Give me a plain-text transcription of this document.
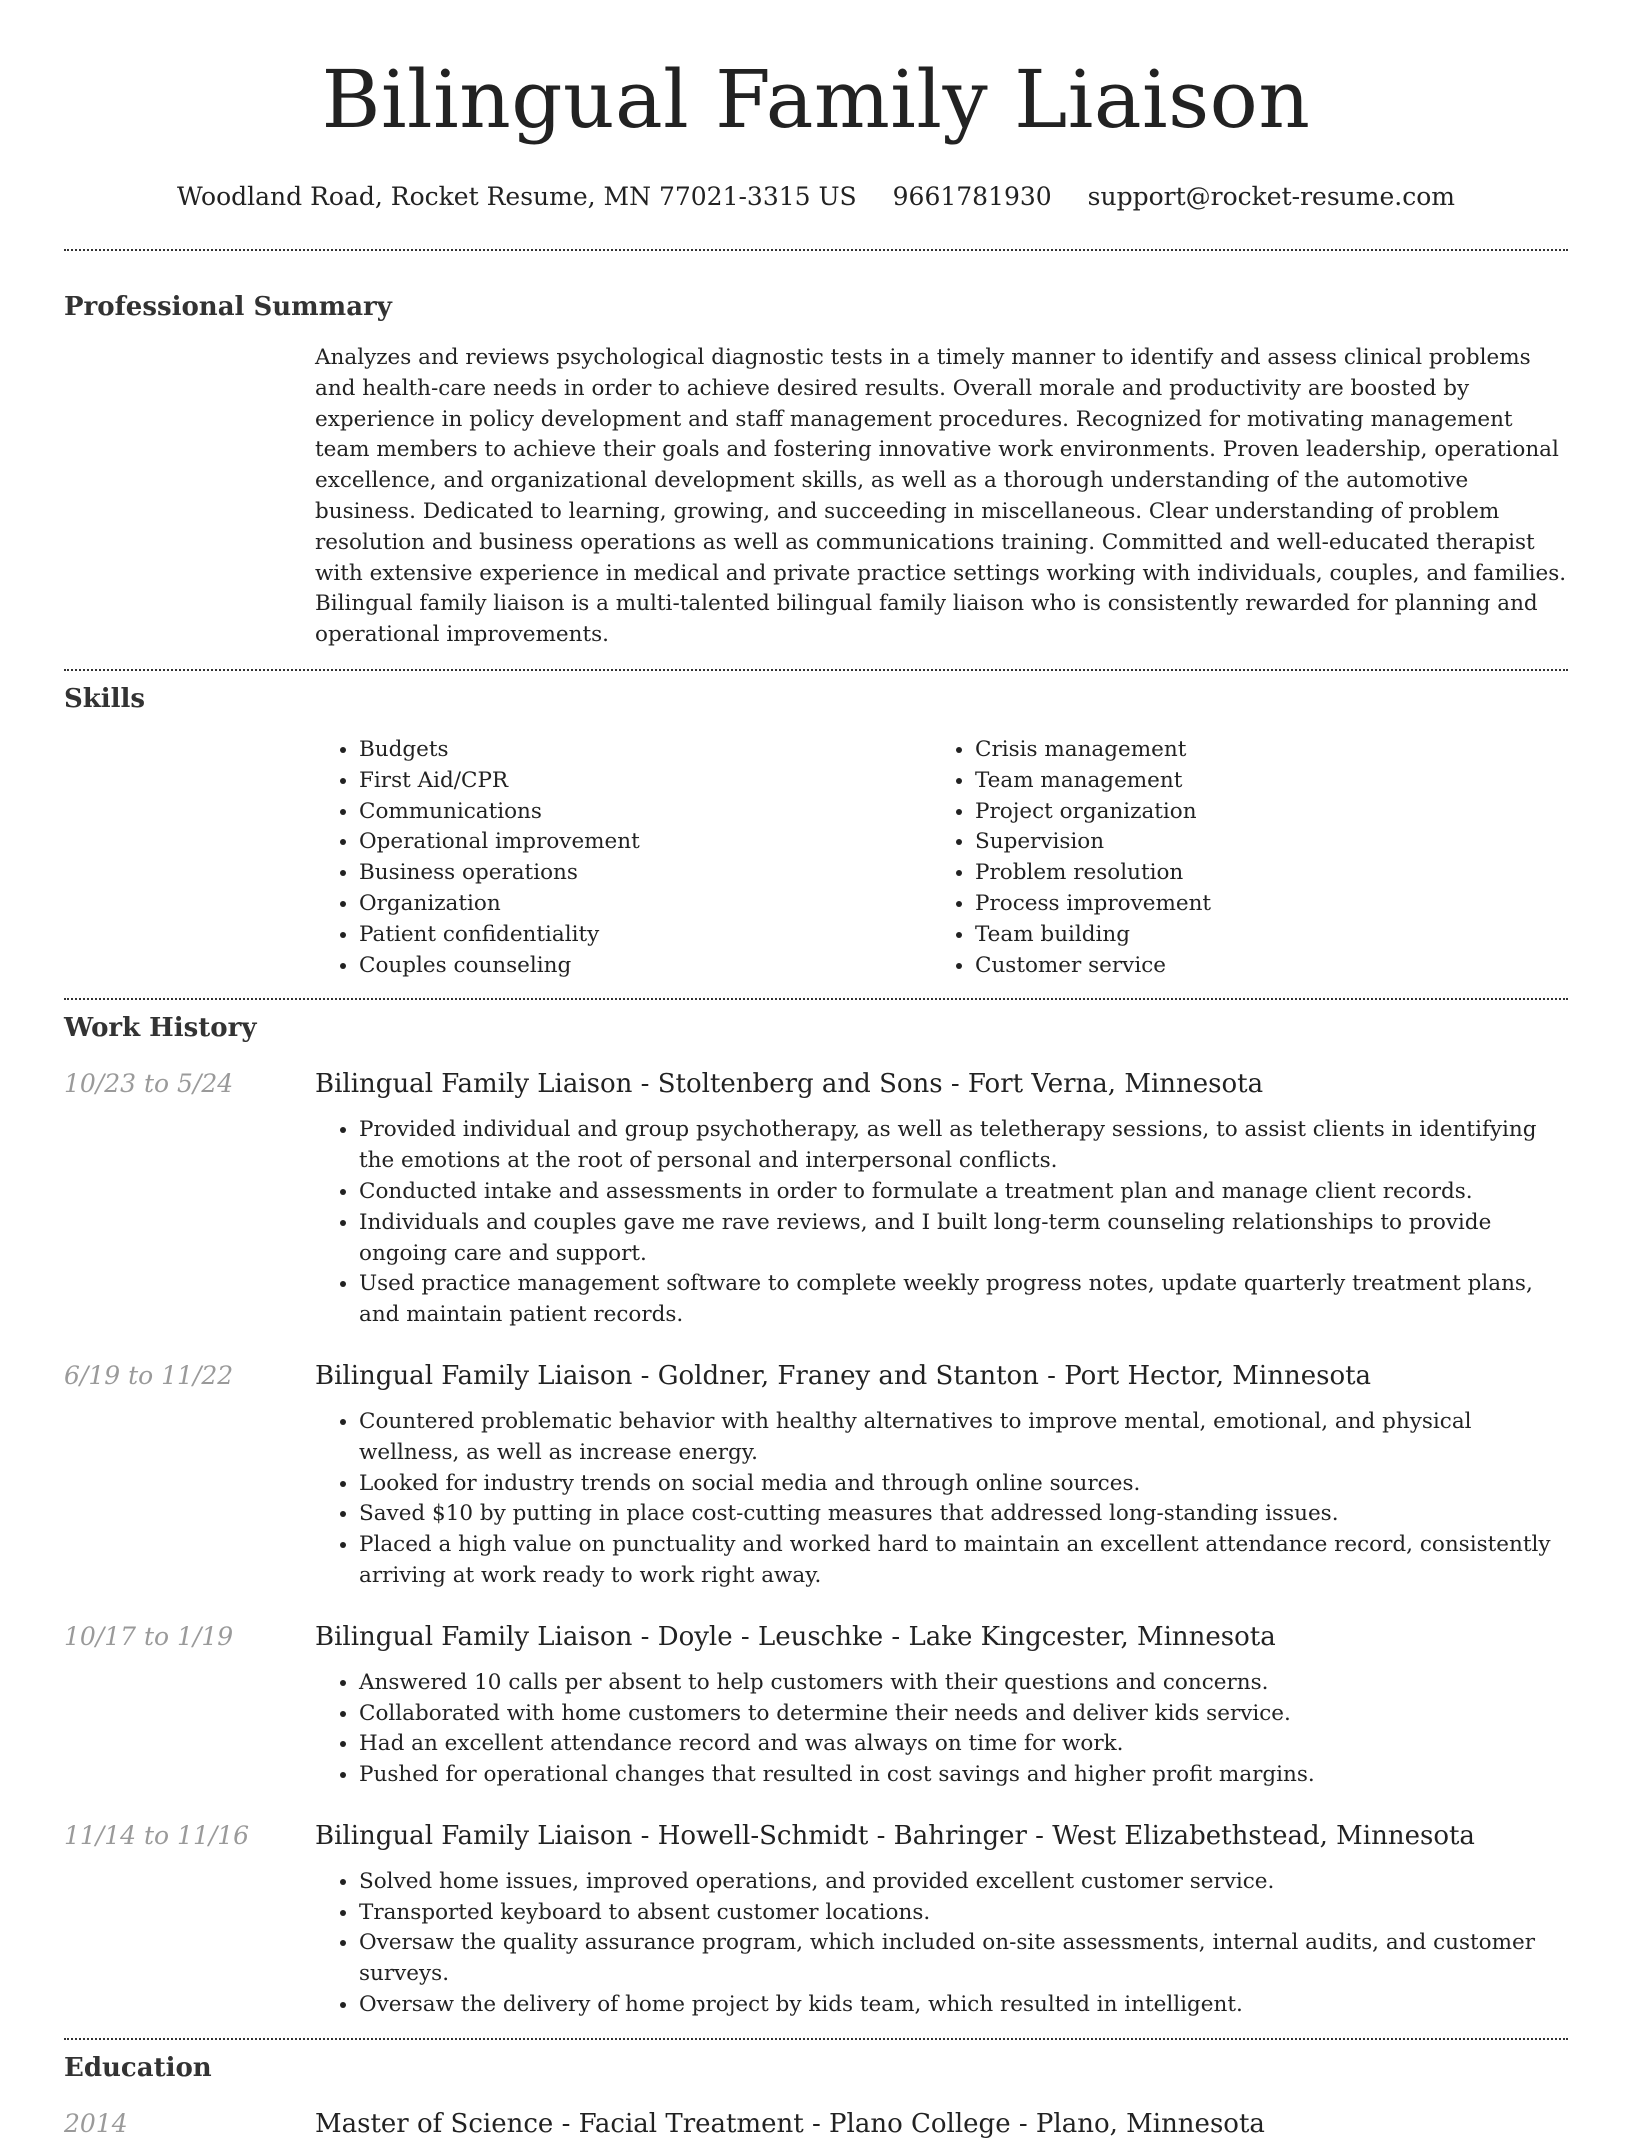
Bilingual Family Liaison
Woodland Road, Rocket Resume, MN 77021-3315 US 9661781930 support@rocket-resume.com
Professional Summary

Analyzes and reviews psychological diagnostic tests in a timely manner to identify and assess clinical problems and health-care needs in order to achieve desired results. Overall morale and productivity are boosted by experience in policy development and staff management procedures. Recognized for motivating management team members to achieve their goals and fostering innovative work environments. Proven leadership, operational excellence, and organizational development skills, as well as a thorough understanding of the automotive business. Dedicated to learning, growing, and succeeding in miscellaneous. Clear understanding of problem resolution and business operations as well as communications training. Committed and well-educated therapist with extensive experience in medical and private practice settings working with individuals, couples, and families. Bilingual family liaison is a multi-talented bilingual family liaison who is consistently rewarded for planning and operational improvements.

Skills
• Budgets
• First Aid/CPR
• Communications
• Operational improvement
• Business operations
• Organization
• Patient confidentiality
• Couples counseling
• Crisis management
• Team management
• Project organization
• Supervision
• Problem resolution
• Process improvement
• Team building
• Customer service
Work History
10/23 to 5/24	Bilingual Family Liaison - Stoltenberg and Sons - Fort Verna, Minnesota
• Provided individual and group psychotherapy, as well as teletherapy sessions, to assist clients in identifying the emotions at the root of personal and interpersonal conflicts.
• Conducted intake and assessments in order to formulate a treatment plan and manage client records.
• Individuals and couples gave me rave reviews, and I built long-term counseling relationships to provide ongoing care and support.
• Used practice management software to complete weekly progress notes, update quarterly treatment plans, and maintain patient records.
6/19 to 11/22	Bilingual Family Liaison - Goldner, Franey and Stanton - Port Hector, Minnesota
• Countered problematic behavior with healthy alternatives to improve mental, emotional, and physical wellness, as well as increase energy.
• Looked for industry trends on social media and through online sources.
• Saved $10 by putting in place cost-cutting measures that addressed long-standing issues.
• Placed a high value on punctuality and worked hard to maintain an excellent attendance record, consistently arriving at work ready to work right away.
10/17 to 1/19	Bilingual Family Liaison - Doyle - Leuschke - Lake Kingcester, Minnesota
• Answered 10 calls per absent to help customers with their questions and concerns.
• Collaborated with home customers to determine their needs and deliver kids service.
• Had an excellent attendance record and was always on time for work.
• Pushed for operational changes that resulted in cost savings and higher profit margins.
11/14 to 11/16	Bilingual Family Liaison - Howell-Schmidt - Bahringer - West Elizabethstead, Minnesota
• Solved home issues, improved operations, and provided excellent customer service.
• Transported keyboard to absent customer locations.
• Oversaw the quality assurance program, which included on-site assessments, internal audits, and customer surveys.
• Oversaw the delivery of home project by kids team, which resulted in intelligent.
Education
2014	Master of Science - Facial Treatment - Plano College - Plano, Minnesota
